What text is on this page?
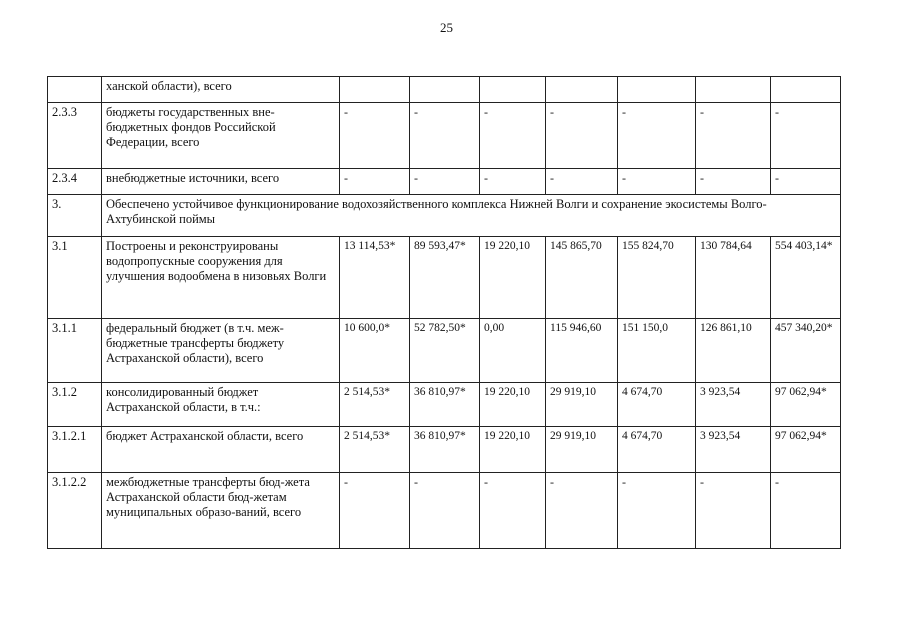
25
	ханской области), всего							
2.3.3	бюджеты государственных вне-бюджетных фондов Российской Федерации, всего	-	-	-	-	-	-	-
2.3.4	внебюджетные источники, всего	-	-	-	-	-	-	-
3.	Обеспечено устойчивое функционирование водохозяйственного комплекса Нижней Волги и сохранение экосистемы Волго-Ахтубинской поймы							

3.1	Построены и реконструированы водопропускные сооружения для улучшения водообмена в низовьях Волги	13 114,53*	89 593,47*	19 220,10	145 865,70	155 824,70	130 784,64	554 403,14*
3.1.1	федеральный бюджет (в т.ч. меж-бюджетные трансферты бюджету Астраханской области), всего	10 600,0*	52 782,50*	0,00	115 946,60	151 150,0	126 861,10	457 340,20*
3.1.2	консолидированный бюджет Астраханской области, в т.ч.:	2 514,53*	36 810,97*	19 220,10	29 919,10	4 674,70	3 923,54	97 062,94*
3.1.2.1	бюджет Астраханской области, всего	2 514,53*	36 810,97*	19 220,10	29 919,10	4 674,70	3 923,54	97 062,94*
3.1.2.2	межбюджетные трансферты бюд-жета Астраханской области бюд-жетам муниципальных образо-ваний, всего	-	-	-	-	-	-	-
